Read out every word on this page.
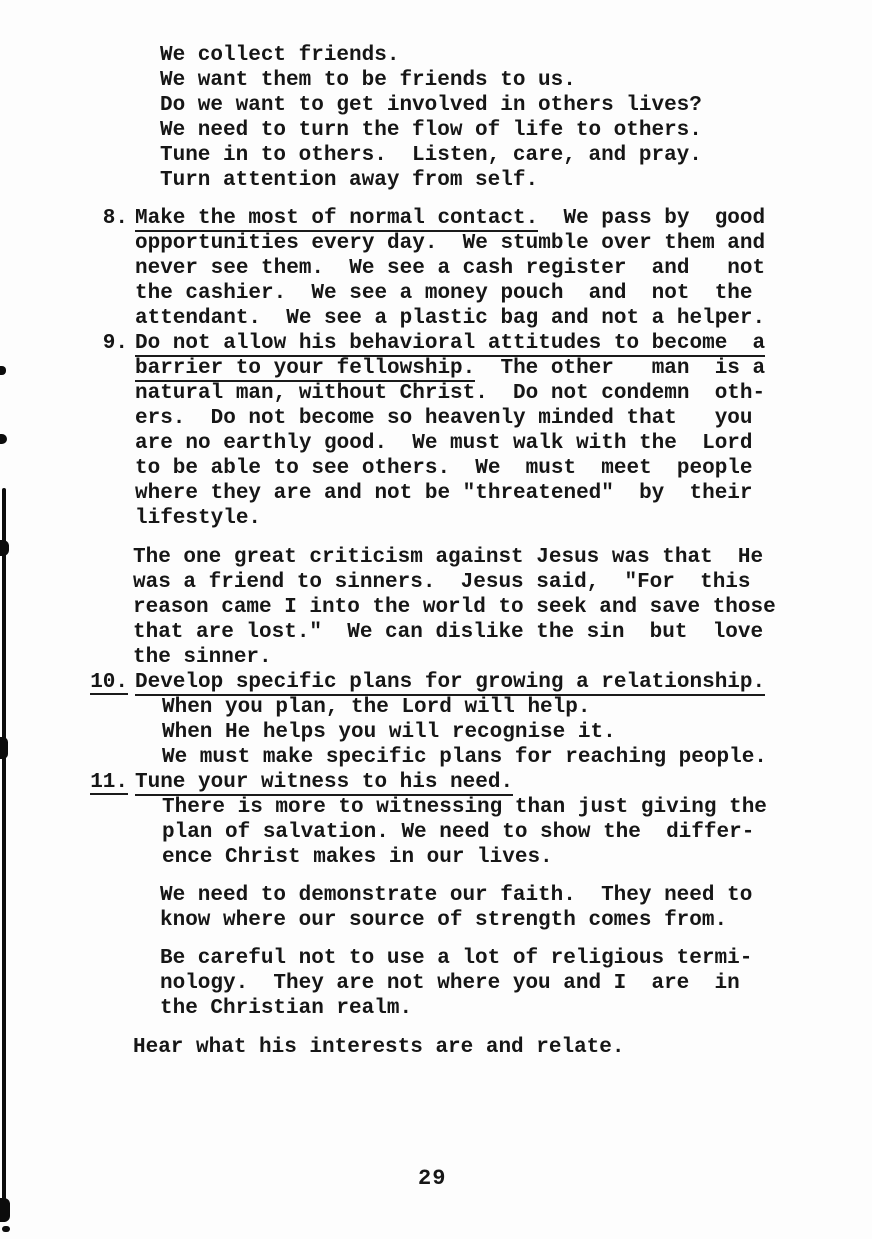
We collect friends.
We want them to be friends to us.
Do we want to get involved in others lives?
We need to turn the flow of life to others.
Tune in to others.  Listen, care, and pray.
Turn attention away from self.
8. Make the most of normal contact.  We pass by  good
opportunities every day.  We stumble over them and
never see them.  We see a cash register  and   not
the cashier.  We see a money pouch  and  not  the
attendant.  We see a plastic bag and not a helper.
9. Do not allow his behavioral attitudes to become  a
barrier to your fellowship.  The other   man  is a
natural man, without Christ.  Do not condemn  oth-
ers.  Do not become so heavenly minded that   you
are no earthly good.  We must walk with the  Lord
to be able to see others.  We  must  meet  people
where they are and not be "threatened"  by  their
lifestyle.
The one great criticism against Jesus was that  He
was a friend to sinners.  Jesus said,  "For  this
reason came I into the world to seek and save those
that are lost."  We can dislike the sin  but  love
the sinner.
10. Develop specific plans for growing a relationship.
When you plan, the Lord will help.
When He helps you will recognise it.
We must make specific plans for reaching people.
11. Tune your witness to his need.
There is more to witnessing than just giving the
plan of salvation. We need to show the  differ-
ence Christ makes in our lives.
We need to demonstrate our faith.  They need to
know where our source of strength comes from.
Be careful not to use a lot of religious termi-
nology.  They are not where you and I  are  in
the Christian realm.
Hear what his interests are and relate.
29
